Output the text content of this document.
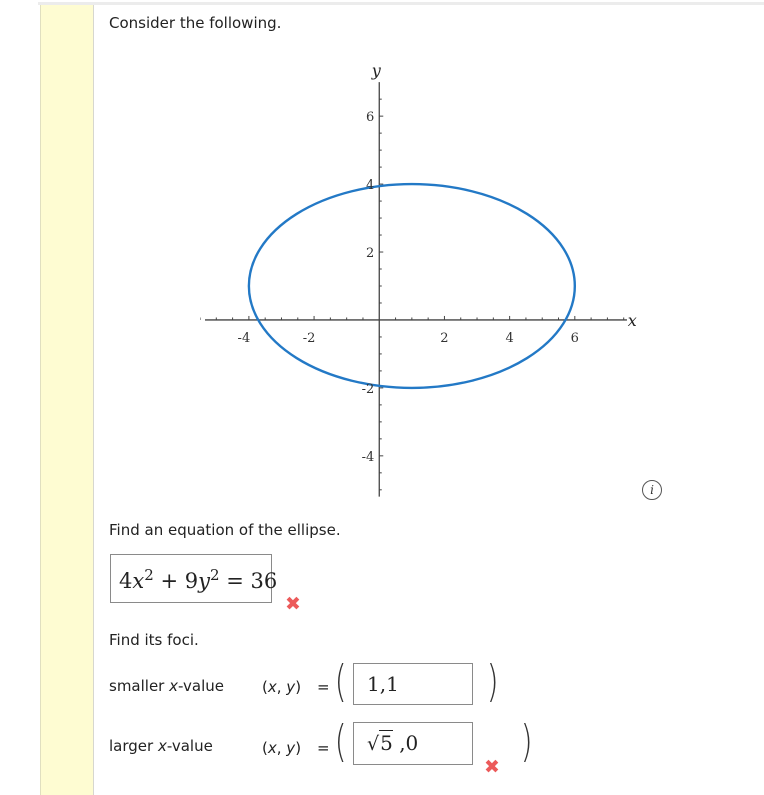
Consider the following.
-4	-2	2	4	6
6
4
2
-2
-4
x
y
i
Find an equation of the ellipse.
$4x^2 + 9y^2 = 36$
✖
Find its foci.
smaller x-value	(x, y) = (	1,1	)
larger x-value	(x, y) = (	√5 ,0
✖ )
